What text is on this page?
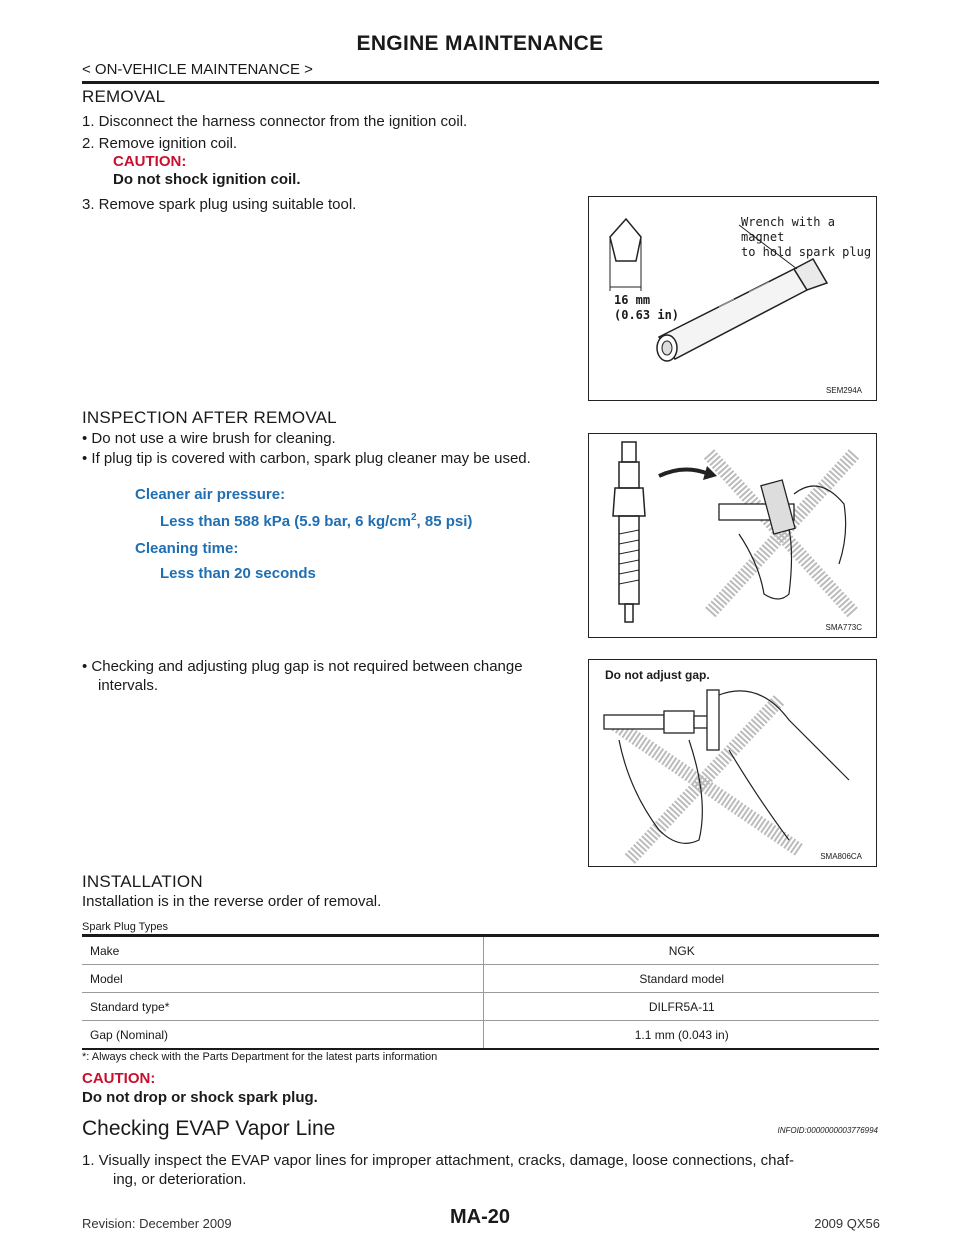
ENGINE MAINTENANCE
< ON-VEHICLE MAINTENANCE >
REMOVAL
1. Disconnect the harness connector from the ignition coil.
2. Remove ignition coil.
CAUTION:
Do not shock ignition coil.
3. Remove spark plug using suitable tool.
Wrench with a magnet
to hold spark plug
16 mm
(0.63 in)
SEM294A
INSPECTION AFTER REMOVAL
• Do not use a wire brush for cleaning.
• If plug tip is covered with carbon, spark plug cleaner may be used.
Cleaner air pressure:
Less than 588 kPa (5.9 bar, 6 $kg/cm^2$, 85 psi)
Cleaning time:
Less than 20 seconds
• Checking and adjusting plug gap is not required between change
intervals.
SMA773C
Do not adjust gap.
SMA806CA
INSTALLATION
Installation is in the reverse order of removal.
Spark Plug Types
Make	NGK
Model	Standard model
Standard type*	DILFR5A-11
Gap (Nominal)	1.1 mm (0.043 in)
*: Always check with the Parts Department for the latest parts information
CAUTION:
Do not drop or shock spark plug.
Checking EVAP Vapor Line	INFOID:0000000003776994
1. Visually inspect the EVAP vapor lines for improper attachment, cracks, damage, loose connections, chaf-
ing, or deterioration.
Revision: December 2009	MA-20	2009 QX56
